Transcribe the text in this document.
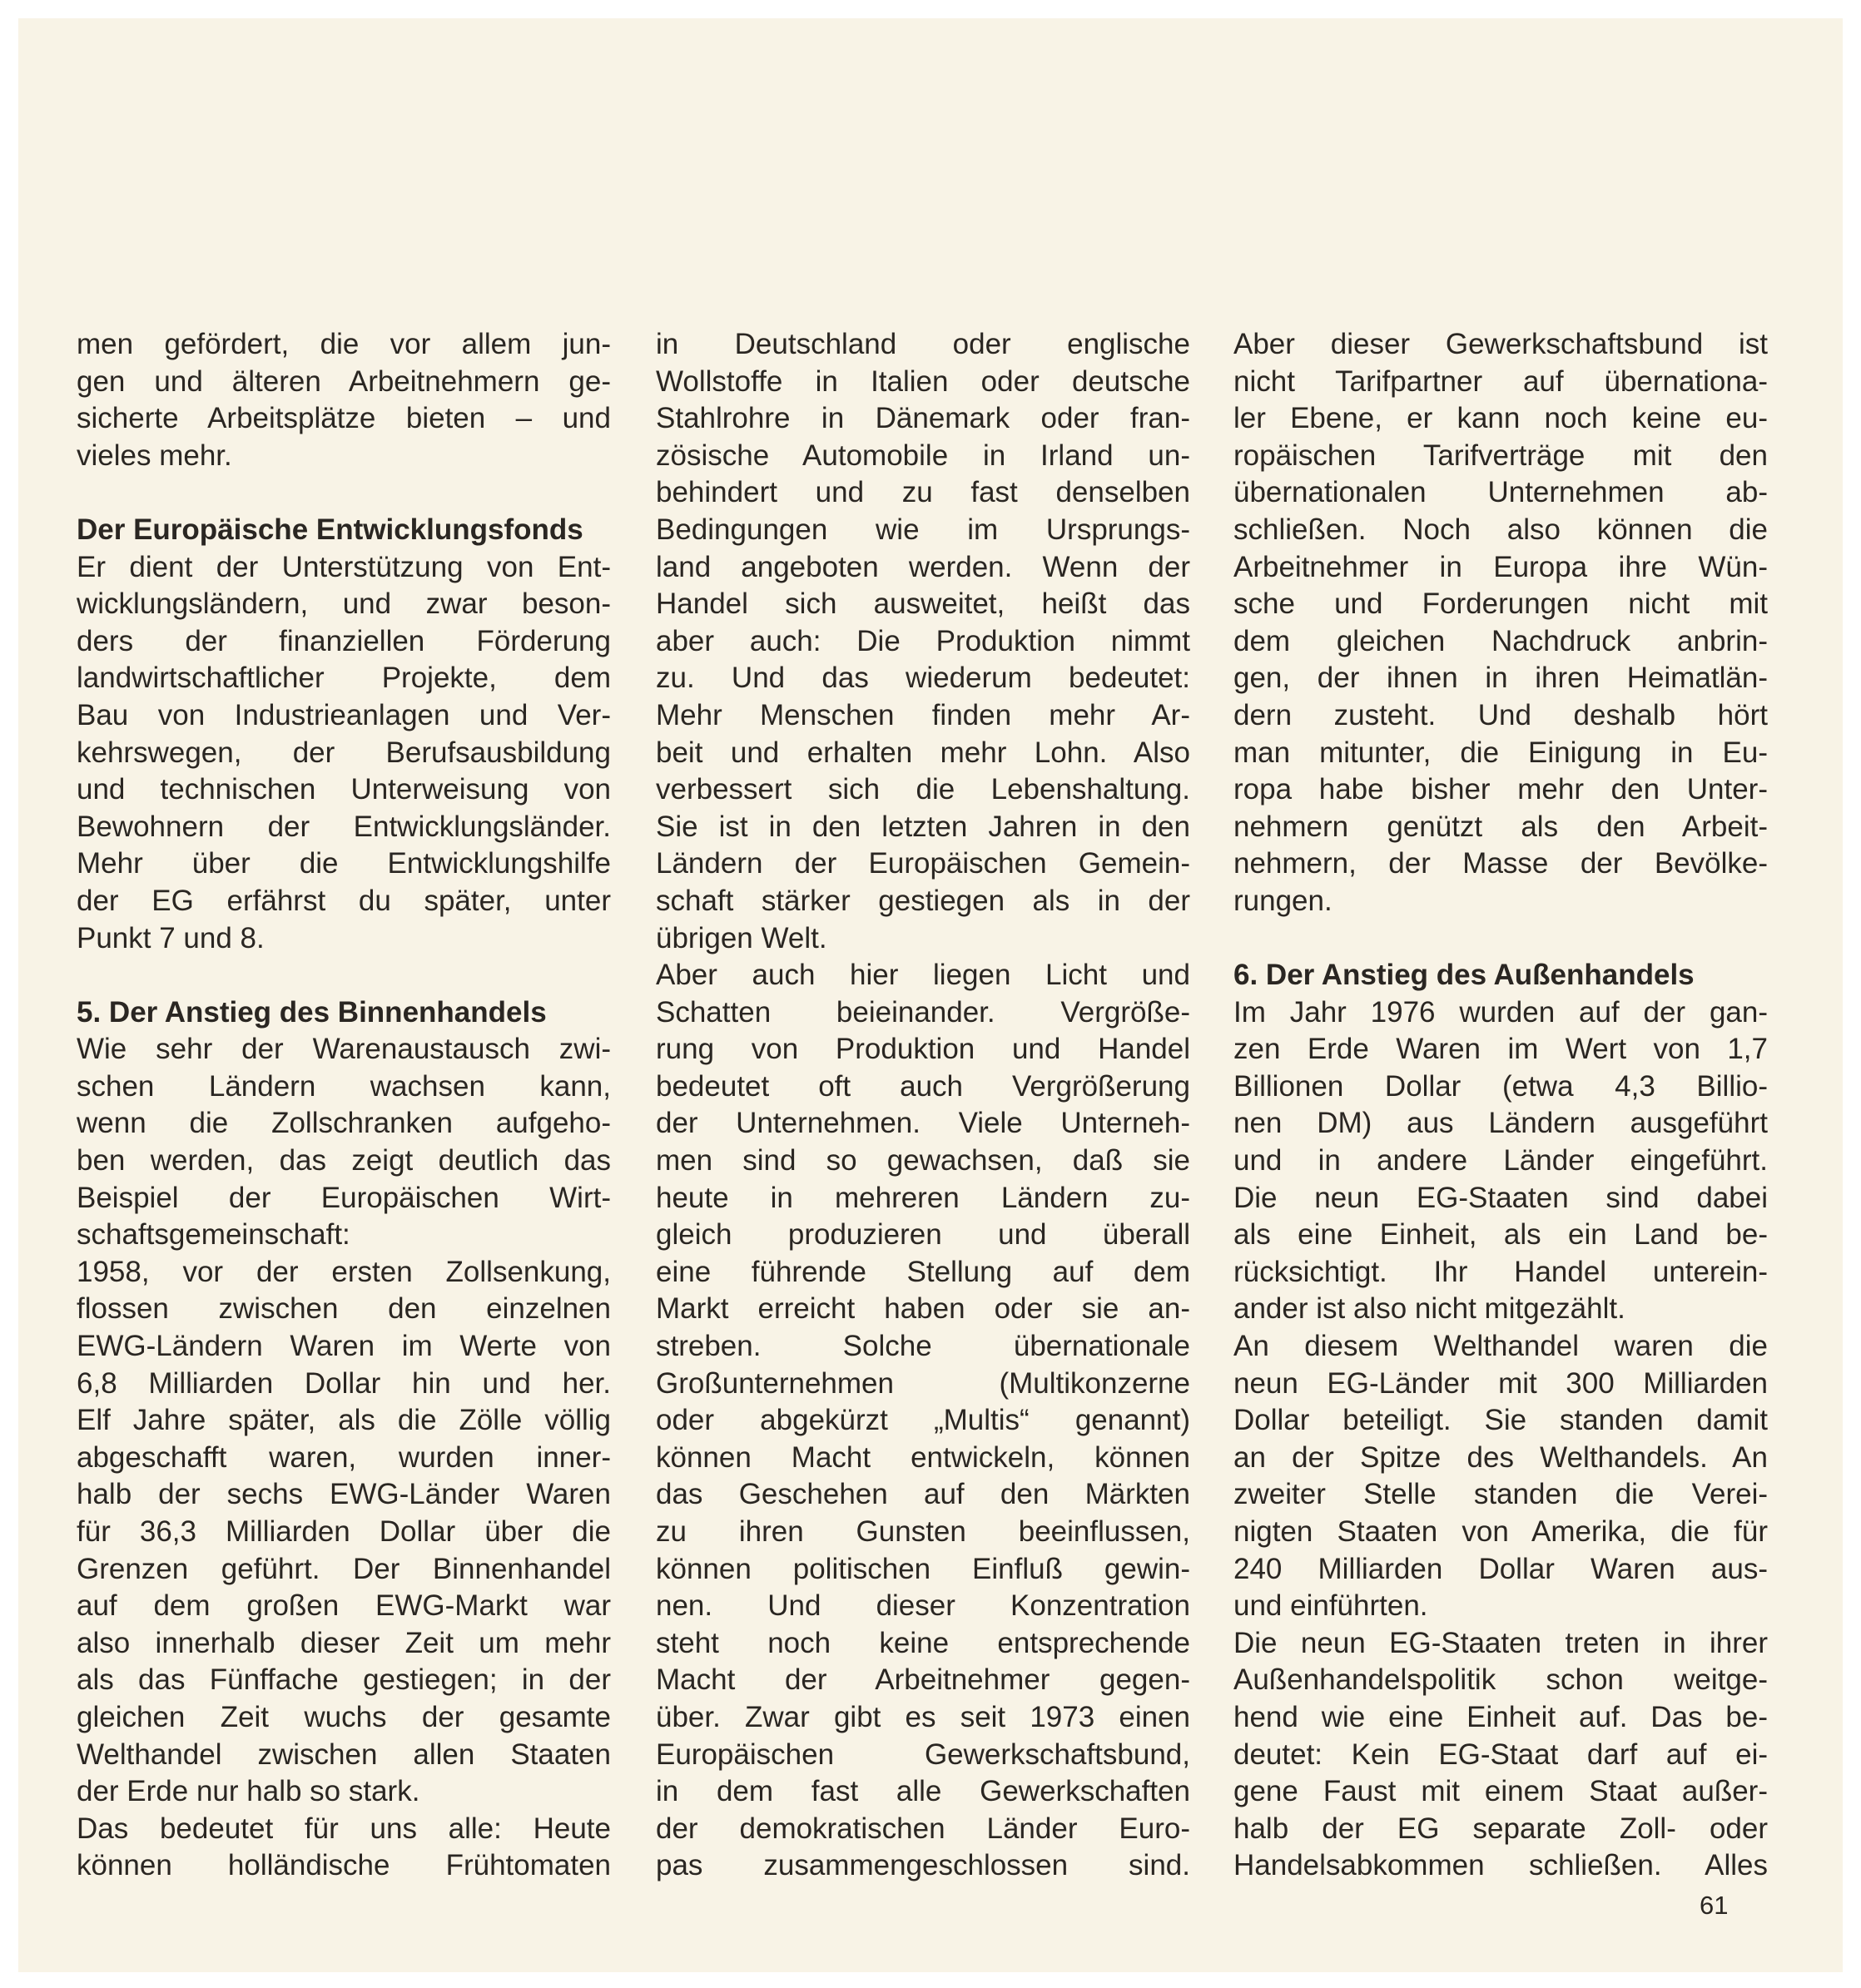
men gefördert, die vor allem jun-
gen und älteren Arbeitnehmern ge-
sicherte Arbeitsplätze bieten – und
vieles mehr.
Der Europäische Entwicklungsfonds
Er dient der Unterstützung von Ent-
wicklungsländern, und zwar beson-
ders der finanziellen Förderung
landwirtschaftlicher Projekte, dem
Bau von Industrieanlagen und Ver-
kehrswegen, der Berufsausbildung
und technischen Unterweisung von
Bewohnern der Entwicklungsländer.
Mehr über die Entwicklungshilfe
der EG erfährst du später, unter
Punkt 7 und 8.
5. Der Anstieg des Binnenhandels
Wie sehr der Warenaustausch zwi-
schen Ländern wachsen kann,
wenn die Zollschranken aufgeho-
ben werden, das zeigt deutlich das
Beispiel der Europäischen Wirt-
schaftsgemeinschaft:
1958, vor der ersten Zollsenkung,
flossen zwischen den einzelnen
EWG-Ländern Waren im Werte von
6,8 Milliarden Dollar hin und her.
Elf Jahre später, als die Zölle völlig
abgeschafft waren, wurden inner-
halb der sechs EWG-Länder Waren
für 36,3 Milliarden Dollar über die
Grenzen geführt. Der Binnenhandel
auf dem großen EWG-Markt war
also innerhalb dieser Zeit um mehr
als das Fünffache gestiegen; in der
gleichen Zeit wuchs der gesamte
Welthandel zwischen allen Staaten
der Erde nur halb so stark.
Das bedeutet für uns alle: Heute
können holländische Frühtomaten
in Deutschland oder englische
Wollstoffe in Italien oder deutsche
Stahlrohre in Dänemark oder fran-
zösische Automobile in Irland un-
behindert und zu fast denselben
Bedingungen wie im Ursprungs-
land angeboten werden. Wenn der
Handel sich ausweitet, heißt das
aber auch: Die Produktion nimmt
zu. Und das wiederum bedeutet:
Mehr Menschen finden mehr Ar-
beit und erhalten mehr Lohn. Also
verbessert sich die Lebenshaltung.
Sie ist in den letzten Jahren in den
Ländern der Europäischen Gemein-
schaft stärker gestiegen als in der
übrigen Welt.
Aber auch hier liegen Licht und
Schatten beieinander. Vergröße-
rung von Produktion und Handel
bedeutet oft auch Vergrößerung
der Unternehmen. Viele Unterneh-
men sind so gewachsen, daß sie
heute in mehreren Ländern zu-
gleich produzieren und überall
eine führende Stellung auf dem
Markt erreicht haben oder sie an-
streben. Solche übernationale
Großunternehmen (Multikonzerne
oder abgekürzt „Multis“ genannt)
können Macht entwickeln, können
das Geschehen auf den Märkten
zu ihren Gunsten beeinflussen,
können politischen Einfluß gewin-
nen. Und dieser Konzentration
steht noch keine entsprechende
Macht der Arbeitnehmer gegen-
über. Zwar gibt es seit 1973 einen
Europäischen Gewerkschaftsbund,
in dem fast alle Gewerkschaften
der demokratischen Länder Euro-
pas zusammengeschlossen sind.
Aber dieser Gewerkschaftsbund ist
nicht Tarifpartner auf übernationa-
ler Ebene, er kann noch keine eu-
ropäischen Tarifverträge mit den
übernationalen Unternehmen ab-
schließen. Noch also können die
Arbeitnehmer in Europa ihre Wün-
sche und Forderungen nicht mit
dem gleichen Nachdruck anbrin-
gen, der ihnen in ihren Heimatlän-
dern zusteht. Und deshalb hört
man mitunter, die Einigung in Eu-
ropa habe bisher mehr den Unter-
nehmern genützt als den Arbeit-
nehmern, der Masse der Bevölke-
rungen.
6. Der Anstieg des Außenhandels
Im Jahr 1976 wurden auf der gan-
zen Erde Waren im Wert von 1,7
Billionen Dollar (etwa 4,3 Billio-
nen DM) aus Ländern ausgeführt
und in andere Länder eingeführt.
Die neun EG-Staaten sind dabei
als eine Einheit, als ein Land be-
rücksichtigt. Ihr Handel unterein-
ander ist also nicht mitgezählt.
An diesem Welthandel waren die
neun EG-Länder mit 300 Milliarden
Dollar beteiligt. Sie standen damit
an der Spitze des Welthandels. An
zweiter Stelle standen die Verei-
nigten Staaten von Amerika, die für
240 Milliarden Dollar Waren aus-
und einführten.
Die neun EG-Staaten treten in ihrer
Außenhandelspolitik schon weitge-
hend wie eine Einheit auf. Das be-
deutet: Kein EG-Staat darf auf ei-
gene Faust mit einem Staat außer-
halb der EG separate Zoll- oder
Handelsabkommen schließen. Alles
61
